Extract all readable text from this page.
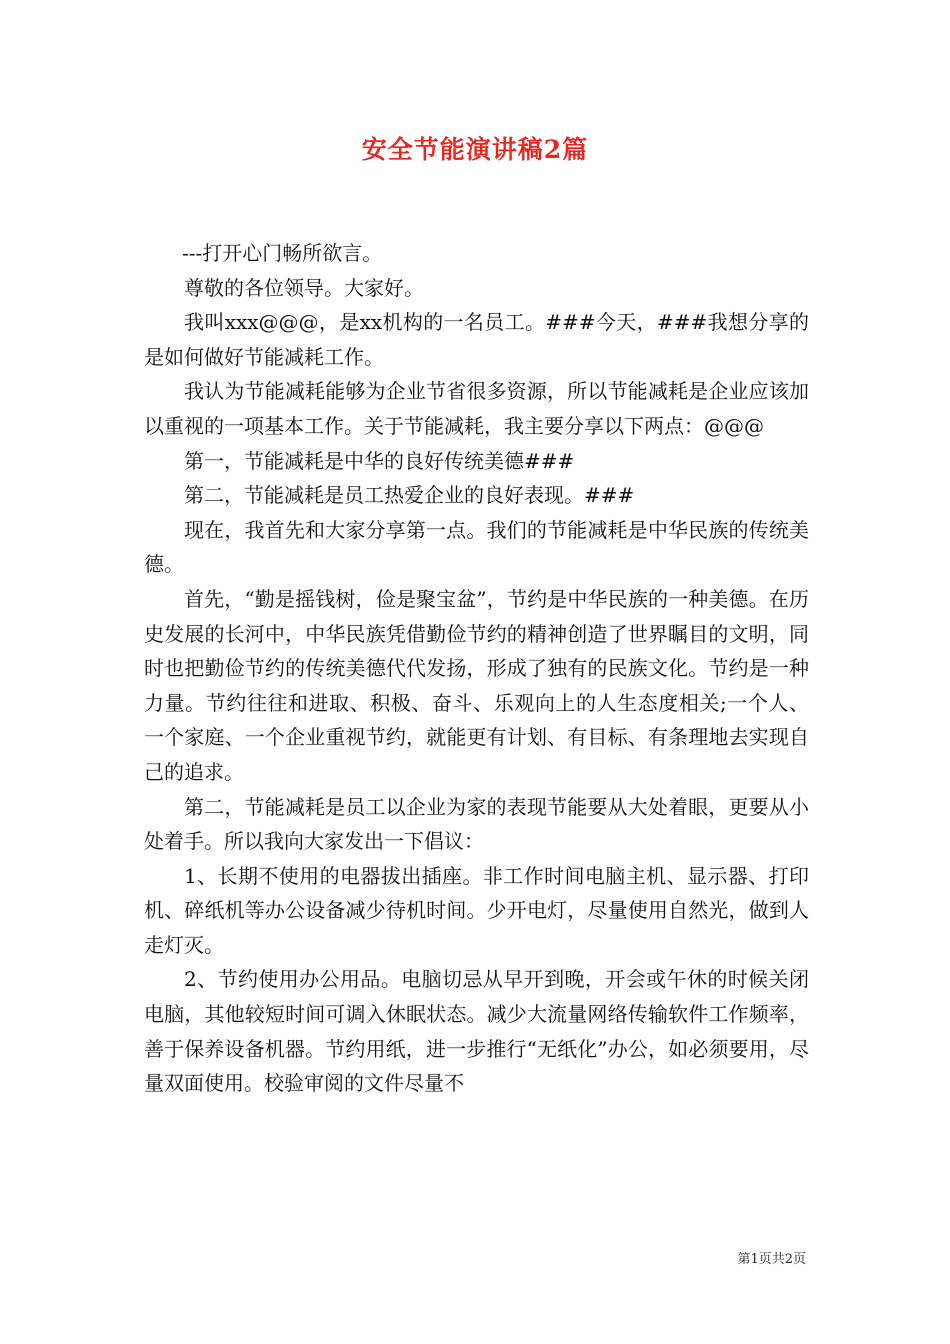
安全节能演讲稿2篇

---打开心门畅所欲言。

尊敬的各位领导。大家好。

我叫xxx@@@，是xx机构的一名员工。###今天，###我想分享的是如何做好节能减耗工作。

我认为节能减耗能够为企业节省很多资源，所以节能减耗是企业应该加以重视的一项基本工作。关于节能减耗，我主要分享以下两点：@@@

第一，节能减耗是中华的良好传统美德###

第二，节能减耗是员工热爱企业的良好表现。###

现在，我首先和大家分享第一点。我们的节能减耗是中华民族的传统美德。

首先，“勤是摇钱树，俭是聚宝盆”，节约是中华民族的一种美德。在历史发展的长河中，中华民族凭借勤俭节约的精神创造了世界瞩目的文明，同时也把勤俭节约的传统美德代代发扬，形成了独有的民族文化。节约是一种力量。节约往往和进取、积极、奋斗、乐观向上的人生态度相关;一个人、一个家庭、一个企业重视节约，就能更有计划、有目标、有条理地去实现自己的追求。

第二，节能减耗是员工以企业为家的表现节能要从大处着眼，更要从小处着手。所以我向大家发出一下倡议：

1、长期不使用的电器拔出插座。非工作时间电脑主机、显示器、打印机、碎纸机等办公设备减少待机时间。少开电灯，尽量使用自然光，做到人走灯灭。

2、节约使用办公用品。电脑切忌从早开到晚，开会或午休的时候关闭电脑，其他较短时间可调入休眠状态。减少大流量网络传输软件工作频率，善于保养设备机器。节约用纸，进一步推行“无纸化”办公，如必须要用，尽量双面使用。校验审阅的文件尽量不

第1页共2页
